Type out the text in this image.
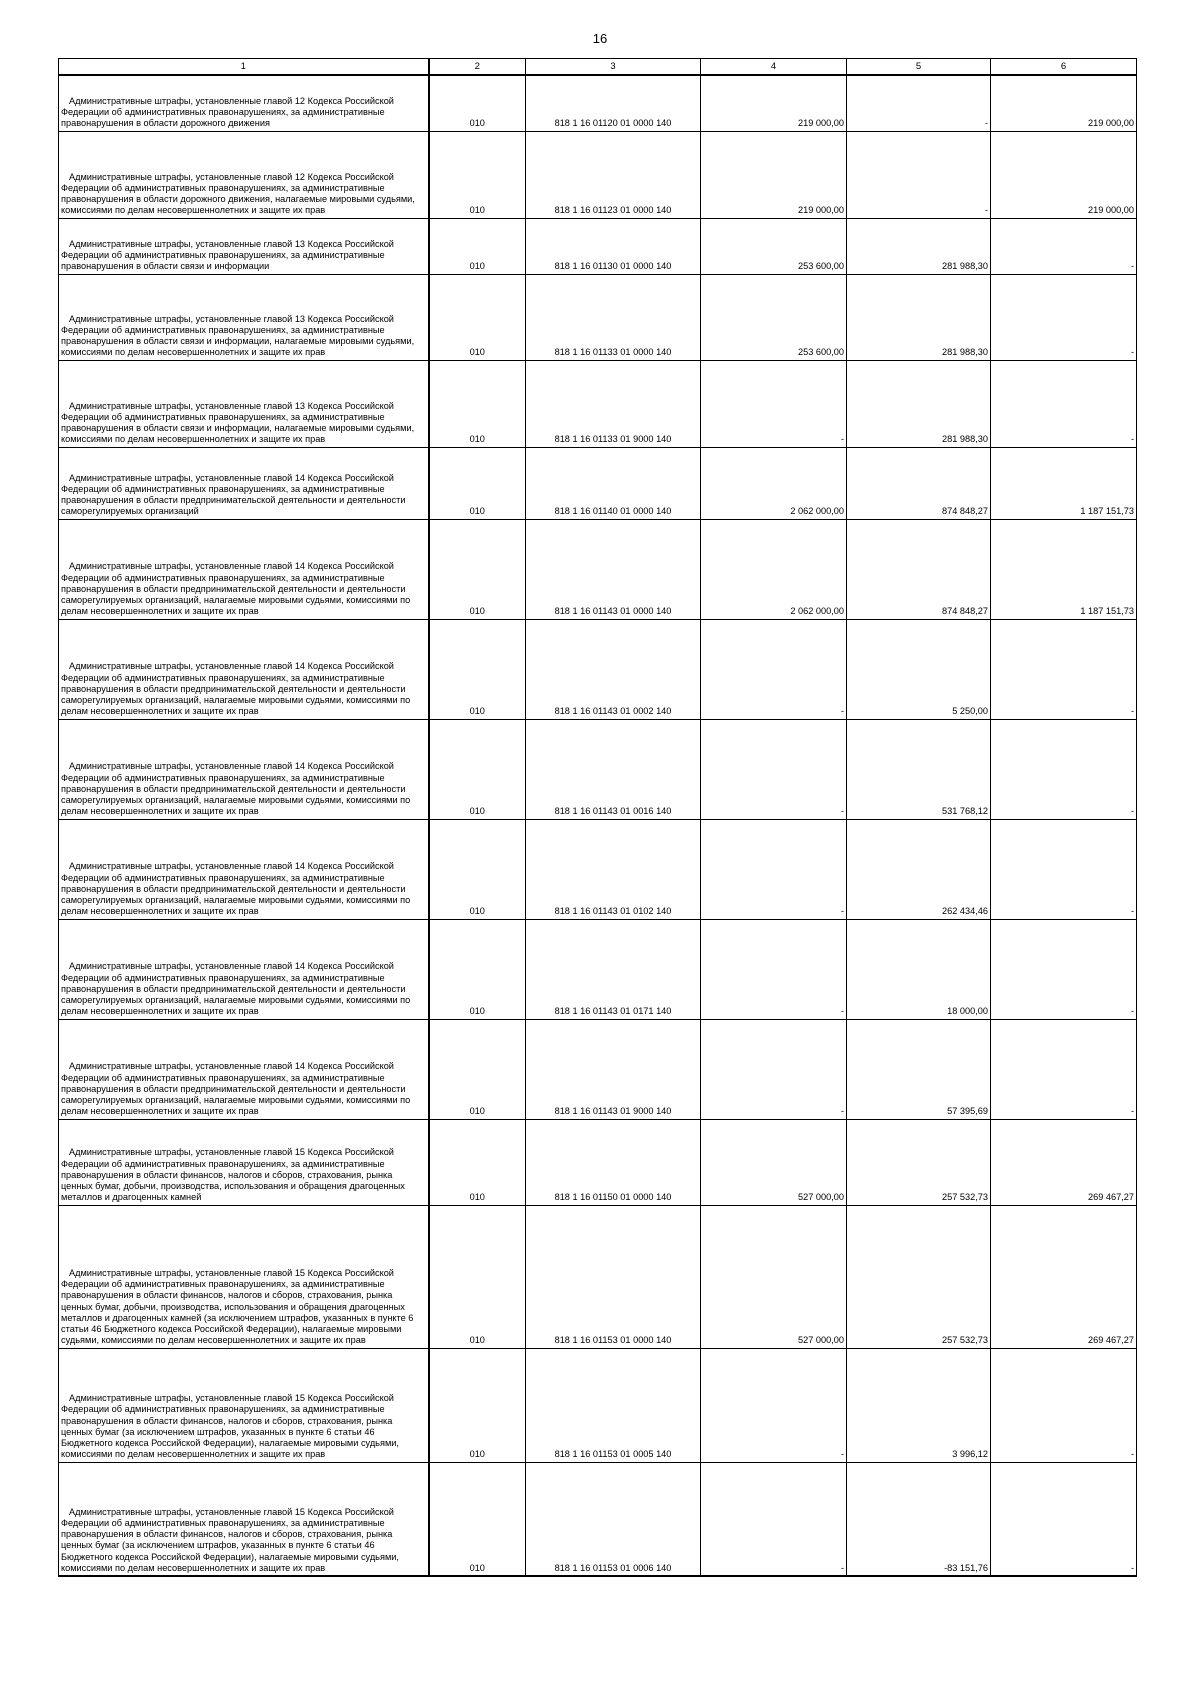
16
1	2	3	4	5	6

Административные штрафы, установленные главой 12 Кодекса Российской Федерации об административных правонарушениях, за административные правонарушения в области дорожного движения	010	818 1 16 01120 01 0000 140	219 000,00	-	219 000,00

Административные штрафы, установленные главой 12 Кодекса Российской Федерации об административных правонарушениях, за административные правонарушения в области дорожного движения, налагаемые мировыми судьями, комиссиями по делам несовершеннолетних и защите их прав	010	818 1 16 01123 01 0000 140	219 000,00	-	219 000,00

Административные штрафы, установленные главой 13 Кодекса Российской Федерации об административных правонарушениях, за административные правонарушения в области связи и информации	010	818 1 16 01130 01 0000 140	253 600,00	281 988,30	-

Административные штрафы, установленные главой 13 Кодекса Российской Федерации об административных правонарушениях, за административные правонарушения в области связи и информации, налагаемые мировыми судьями, комиссиями по делам несовершеннолетних и защите их прав	010	818 1 16 01133 01 0000 140	253 600,00	281 988,30	-

Административные штрафы, установленные главой 13 Кодекса Российской Федерации об административных правонарушениях, за административные правонарушения в области связи и информации, налагаемые мировыми судьями, комиссиями по делам несовершеннолетних и защите их прав	010	818 1 16 01133 01 9000 140	-	281 988,30	-

Административные штрафы, установленные главой 14 Кодекса Российской Федерации об административных правонарушениях, за административные правонарушения в области предпринимательской деятельности и деятельности саморегулируемых организаций	010	818 1 16 01140 01 0000 140	2 062 000,00	874 848,27	1 187 151,73

Административные штрафы, установленные главой 14 Кодекса Российской Федерации об административных правонарушениях, за административные правонарушения в области предпринимательской деятельности и деятельности саморегулируемых организаций, налагаемые мировыми судьями, комиссиями по делам несовершеннолетних и защите их прав	010	818 1 16 01143 01 0000 140	2 062 000,00	874 848,27	1 187 151,73

Административные штрафы, установленные главой 14 Кодекса Российской Федерации об административных правонарушениях, за административные правонарушения в области предпринимательской деятельности и деятельности саморегулируемых организаций, налагаемые мировыми судьями, комиссиями по делам несовершеннолетних и защите их прав	010	818 1 16 01143 01 0002 140	-	5 250,00	-

Административные штрафы, установленные главой 14 Кодекса Российской Федерации об административных правонарушениях, за административные правонарушения в области предпринимательской деятельности и деятельности саморегулируемых организаций, налагаемые мировыми судьями, комиссиями по делам несовершеннолетних и защите их прав	010	818 1 16 01143 01 0016 140	-	531 768,12	-

Административные штрафы, установленные главой 14 Кодекса Российской Федерации об административных правонарушениях, за административные правонарушения в области предпринимательской деятельности и деятельности саморегулируемых организаций, налагаемые мировыми судьями, комиссиями по делам несовершеннолетних и защите их прав	010	818 1 16 01143 01 0102 140	-	262 434,46	-

Административные штрафы, установленные главой 14 Кодекса Российской Федерации об административных правонарушениях, за административные правонарушения в области предпринимательской деятельности и деятельности саморегулируемых организаций, налагаемые мировыми судьями, комиссиями по делам несовершеннолетних и защите их прав	010	818 1 16 01143 01 0171 140	-	18 000,00	-

Административные штрафы, установленные главой 14 Кодекса Российской Федерации об административных правонарушениях, за административные правонарушения в области предпринимательской деятельности и деятельности саморегулируемых организаций, налагаемые мировыми судьями, комиссиями по делам несовершеннолетних и защите их прав	010	818 1 16 01143 01 9000 140	-	57 395,69	-

Административные штрафы, установленные главой 15 Кодекса Российской Федерации об административных правонарушениях, за административные правонарушения в области финансов, налогов и сборов, страхования, рынка ценных бумаг, добычи, производства, использования и обращения драгоценных металлов и драгоценных камней	010	818 1 16 01150 01 0000 140	527 000,00	257 532,73	269 467,27

Административные штрафы, установленные главой 15 Кодекса Российской Федерации об административных правонарушениях, за административные правонарушения в области финансов, налогов и сборов, страхования, рынка ценных бумаг, добычи, производства, использования и обращения драгоценных металлов и драгоценных камней (за исключением штрафов, указанных в пункте 6 статьи 46 Бюджетного кодекса Российской Федерации), налагаемые мировыми судьями, комиссиями по делам несовершеннолетних и защите их прав	010	818 1 16 01153 01 0000 140	527 000,00	257 532,73	269 467,27

Административные штрафы, установленные главой 15 Кодекса Российской Федерации об административных правонарушениях, за административные правонарушения в области финансов, налогов и сборов, страхования, рынка ценных бумаг (за исключением штрафов, указанных в пункте 6 статьи 46 Бюджетного кодекса Российской Федерации), налагаемые мировыми судьями, комиссиями по делам несовершеннолетних и защите их прав	010	818 1 16 01153 01 0005 140	-	3 996,12	-

Административные штрафы, установленные главой 15 Кодекса Российской Федерации об административных правонарушениях, за административные правонарушения в области финансов, налогов и сборов, страхования, рынка ценных бумаг (за исключением штрафов, указанных в пункте 6 статьи 46 Бюджетного кодекса Российской Федерации), налагаемые мировыми судьями, комиссиями по делам несовершеннолетних и защите их прав	010	818 1 16 01153 01 0006 140	-	-83 151,76	-
